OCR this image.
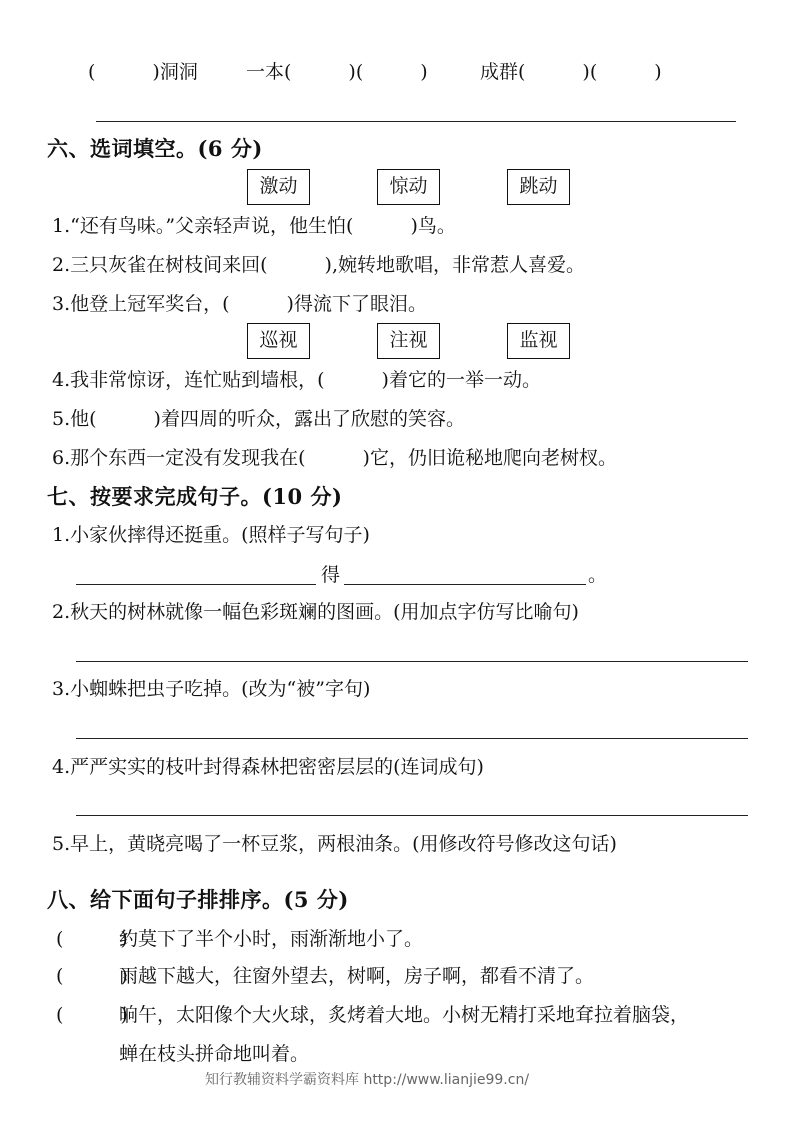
(　　　)洞洞	一本(　　　)(　　　)	成群(　　　)(　　　)
六、选词填空。(6 分)
激动	惊动	跳动
1.“还有鸟味。”父亲轻声说，他生怕(　　　)鸟。
2.三只灰雀在树枝间来回(　　　),婉转地歌唱，非常惹人喜爱。
3.他登上冠军奖台，(　　　)得流下了眼泪。
巡视	注视	监视
4.我非常惊讶，连忙贴到墙根，(　　　)着它的一举一动。
5.他(　　　)着四周的听众，露出了欣慰的笑容。
6.那个东西一定没有发现我在(　　　)它，仍旧诡秘地爬向老树杈。
七、按要求完成句子。(10 分)
1.小家伙摔得还挺重。(照样子写句子)
得	。
2.秋天的树林就像一幅色彩斑斓的图画。(用加点字仿写比喻句)
3.小蜘蛛把虫子吃掉。(改为“被”字句)
4.严严实实的枝叶封得森林把密密层层的(连词成句)
5.早上，黄晓亮喝了一杯豆浆，两根油条。(用修改符号修改这句话)
八、给下面句子排排序。(5 分)
(　　　)
约莫下了半个小时，雨渐渐地小了。
(　　　)
雨越下越大，往窗外望去，树啊，房子啊，都看不清了。
(　　　)
晌午，太阳像个大火球，炙烤着大地。小树无精打采地耷拉着脑袋，
蝉在枝头拼命地叫着。
知行教辅资料学霸资料库 http://www.lianjie99.cn/
